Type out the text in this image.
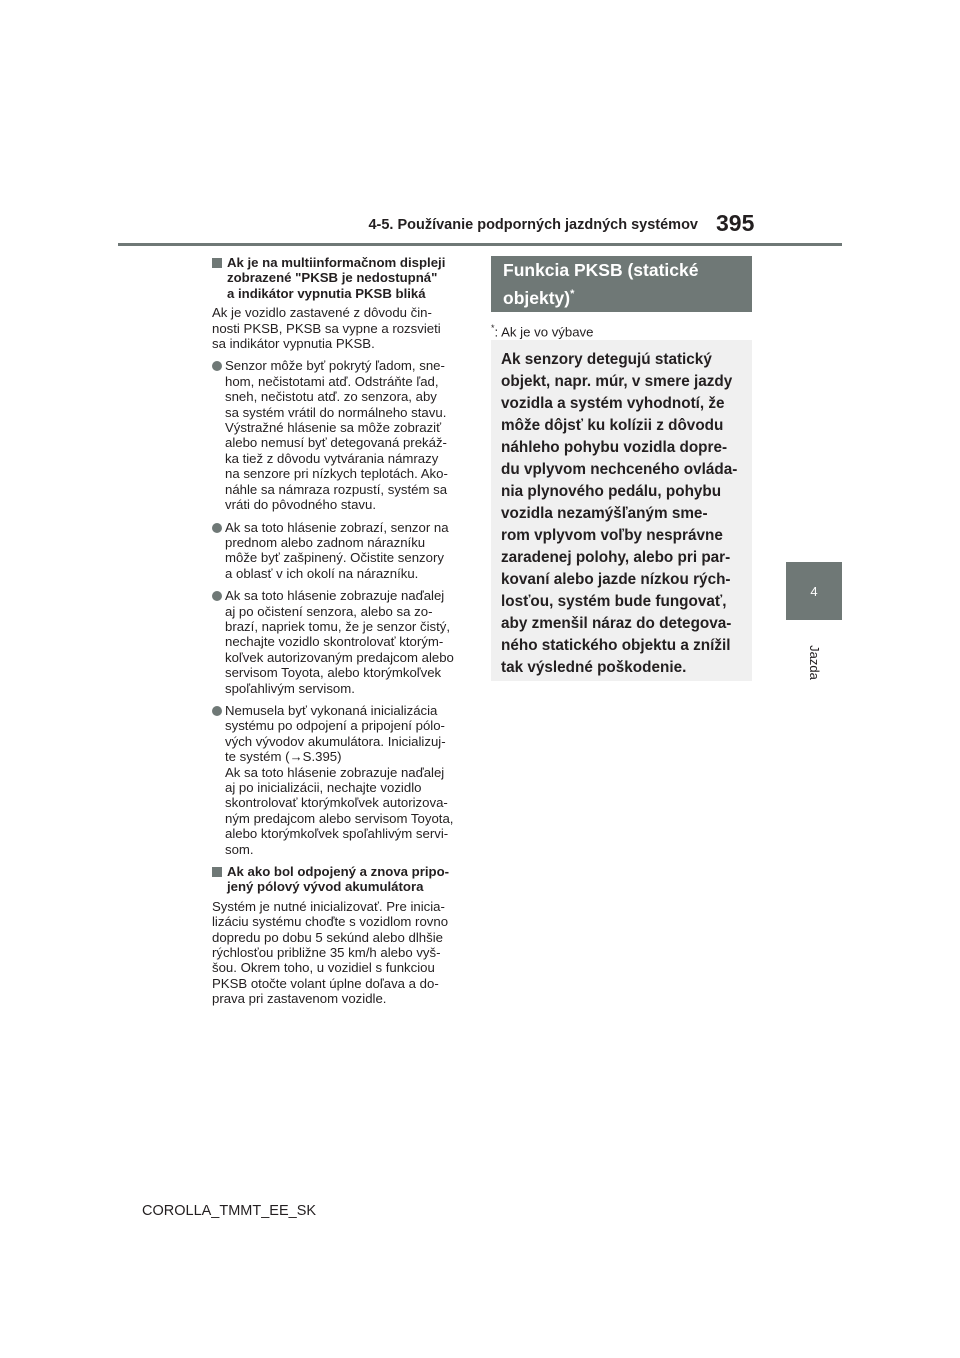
4-5. Používanie podporných jazdných systémov 395
4
Jazda
Ak je na multiinformačnom displeji
zobrazené "PKSB je nedostupná"
a indikátor vypnutia PKSB bliká
Ak je vozidlo zastavené z dôvodu čin-
nosti PKSB, PKSB sa vypne a rozsvieti
sa indikátor vypnutia PKSB.
Senzor môže byť pokrytý ľadom, sne-
hom, nečistotami atď. Odstráňte ľad,
sneh, nečistotu atď. zo senzora, aby
sa systém vrátil do normálneho stavu.
Výstražné hlásenie sa môže zobraziť
alebo nemusí byť detegovaná prekáž-
ka tiež z dôvodu vytvárania námrazy
na senzore pri nízkych teplotách. Ako-
náhle sa námraza rozpustí, systém sa
vráti do pôvodného stavu.
Ak sa toto hlásenie zobrazí, senzor na
prednom alebo zadnom nárazníku
môže byť zašpinený. Očistite senzory
a oblasť v ich okolí na nárazníku.
Ak sa toto hlásenie zobrazuje naďalej
aj po očistení senzora, alebo sa zo-
brazí, napriek tomu, že je senzor čistý,
nechajte vozidlo skontrolovať ktorým-
koľvek autorizovaným predajcom alebo
servisom Toyota, alebo ktorýmkoľvek
spoľahlivým servisom.
Nemusela byť vykonaná inicializácia
systému po odpojení a pripojení pólo-
vých vývodov akumulátora. Inicializuj-
te systém (→S.395)
Ak sa toto hlásenie zobrazuje naďalej
aj po inicializácii, nechajte vozidlo
skontrolovať ktorýmkoľvek autorizova-
ným predajcom alebo servisom Toyota,
alebo ktorýmkoľvek spoľahlivým servi-
som.
Ak ako bol odpojený a znova pripo-
jený pólový vývod akumulátora
Systém je nutné inicializovať. Pre inicia-
lizáciu systému choďte s vozidlom rovno
dopredu po dobu 5 sekúnd alebo dlhšie
rýchlosťou približne 35 km/h alebo vyš-
šou. Okrem toho, u vozidiel s funkciou
PKSB otočte volant úplne doľava a do-
prava pri zastavenom vozidle.
Funkcia PKSB (statické
objekty)*
*: Ak je vo výbave
Ak senzory detegujú statický
objekt, napr. múr, v smere jazdy
vozidla a systém vyhodnotí, že
môže dôjsť ku kolízii z dôvodu
náhleho pohybu vozidla dopre-
du vplyvom nechceného ovláda-
nia plynového pedálu, pohybu
vozidla nezamýšľaným sme-
rom vplyvom voľby nesprávne
zaradenej polohy, alebo pri par-
kovaní alebo jazde nízkou rých-
losťou, systém bude fungovať,
aby zmenšil náraz do detegova-
ného statického objektu a znížil
tak výsledné poškodenie.
COROLLA_TMMT_EE_SK
